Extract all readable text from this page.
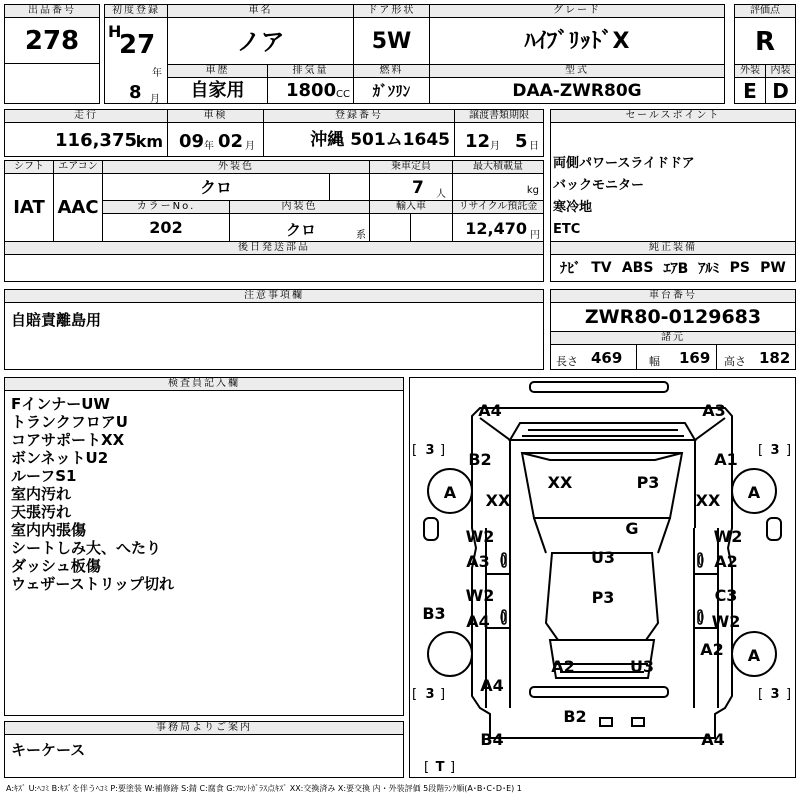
出品番号
278
初度登録
H
27
年
8 月
車名
ノア
ドア形状
5W
グレード
ﾊｲﾌﾞﾘｯﾄﾞX
評価点
R
車歴
自家用
排気量
1800 CC
燃料
ｶﾞｿﾘﾝ
型式
DAA-ZWR80G
外装	内装
E D
走行
116,375
km
車検
09 年 02 月
登録番号
沖縄 501ム1645
譲渡書類期限
12 月 5 日
セールスポイント
両側パワースライドドア
バックモニター
寒冷地
ETC
シフト
IAT
エアコン
AAC
外装色
クロ
乗車定員
7 人
最大積載量
kg
カラーNo.
202
内装色
クロ	系
輸入車	リサイクル預託金
12,470 円
後日発送部品	純正装備
ﾅﾋﾞ TV ABS ｴｱB ｱﾙﾐ PS PW
注意事項欄
自賠責離島用
車台番号
ZWR80-0129683
諸元
長さ 469 幅 169 高さ 182
検査員記入欄
FインナーUW
トランクフロアU
コアサポートXX
ボンネットU2
ルーフS1
室内汚れ
天張汚れ
室内内張傷
シートしみ大、へたり
ダッシュ板傷
ウェザーストリップ切れ
事務局よりご案内
キーケース
A4	A3
B2	A1
A	A
XX	XX
XX	P3
G
W2	W2
A3	A2
U3
W2	C3
P3
A4	W2
B3
A2
A2
U3
A4
A
B2
B4	A4
3	3
3	3
T
[ ]	[ ]
[ ]	[ ]
[ ]
A:ｷｽﾞ U:ﾍｺﾐ B:ｷｽﾞを伴うﾍｺﾐ P:要塗装 W:補修跡 S:錆 C:腐食 G:ﾌﾛﾝﾄｶﾞﾗｽ点ｷｽﾞ XX:交換済み X:要交換 内・外装評価 5段階ﾗﾝｸ順(A･B･C･D･E) 1
